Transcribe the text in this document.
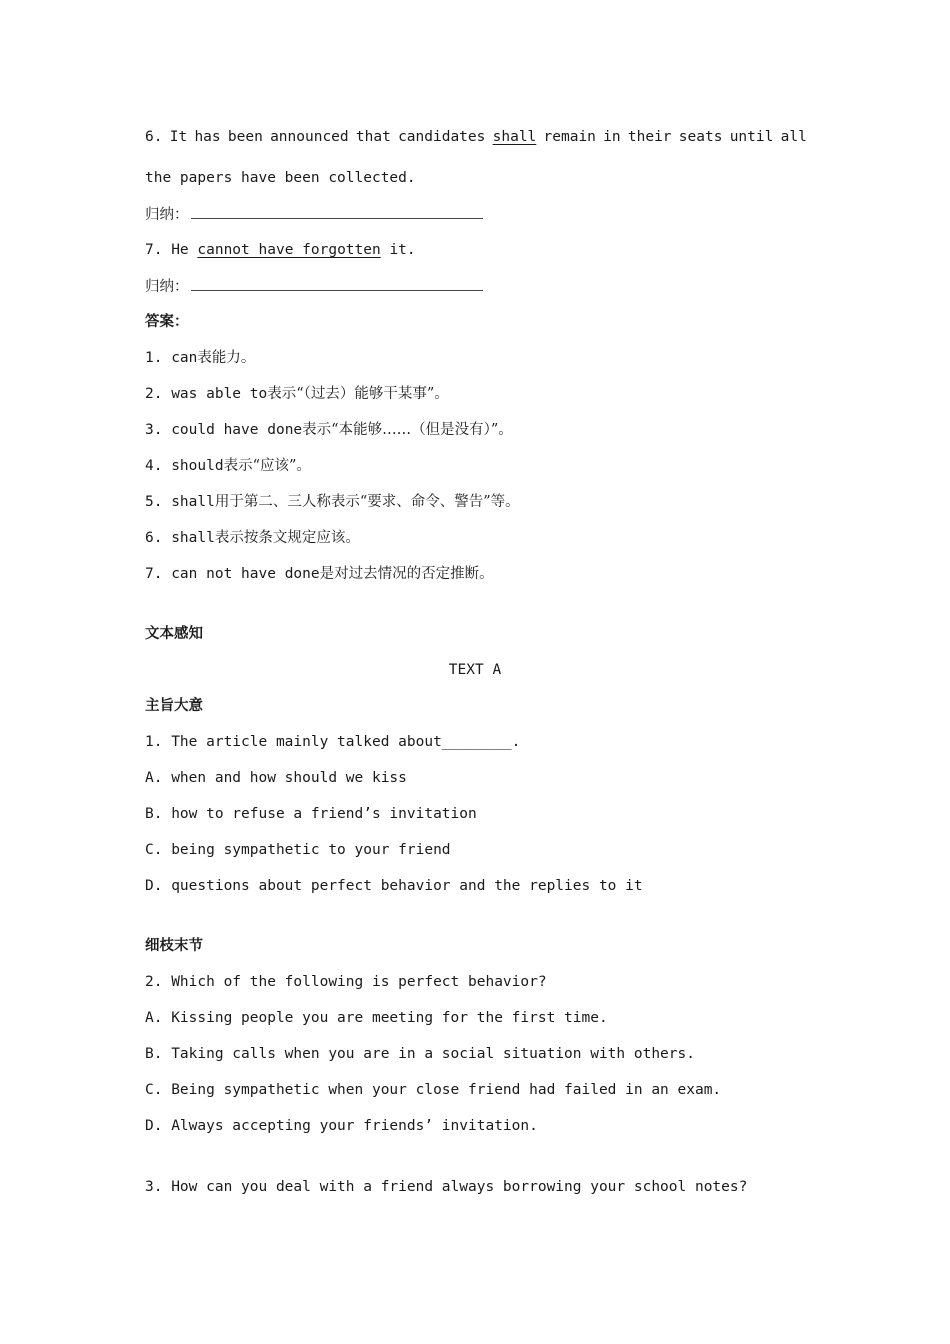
6. It has been announced that candidates shall remain in their seats until all
the papers have been collected.
归纳：
7. He cannot have forgotten it.
归纳：
答案：
1. can表能力。
2. was able to表示“（过去）能够干某事”。
3. could have done表示“本能够……（但是没有）”。
4. should表示“应该”。
5. shall用于第二、三人称表示“要求、命令、警告”等。
6. shall表示按条文规定应该。
7. can not have done是对过去情况的否定推断。
文本感知
TEXT A
主旨大意
1. The article mainly talked about________.
A. when and how should we kiss
B. how to refuse a friend’s invitation
C. being sympathetic to your friend
D. questions about perfect behavior and the replies to it
细枝末节
2. Which of the following is perfect behavior?
A. Kissing people you are meeting for the first time.
B. Taking calls when you are in a social situation with others.
C. Being sympathetic when your close friend had failed in an exam.
D. Always accepting your friends’ invitation.
3. How can you deal with a friend always borrowing your school notes?
